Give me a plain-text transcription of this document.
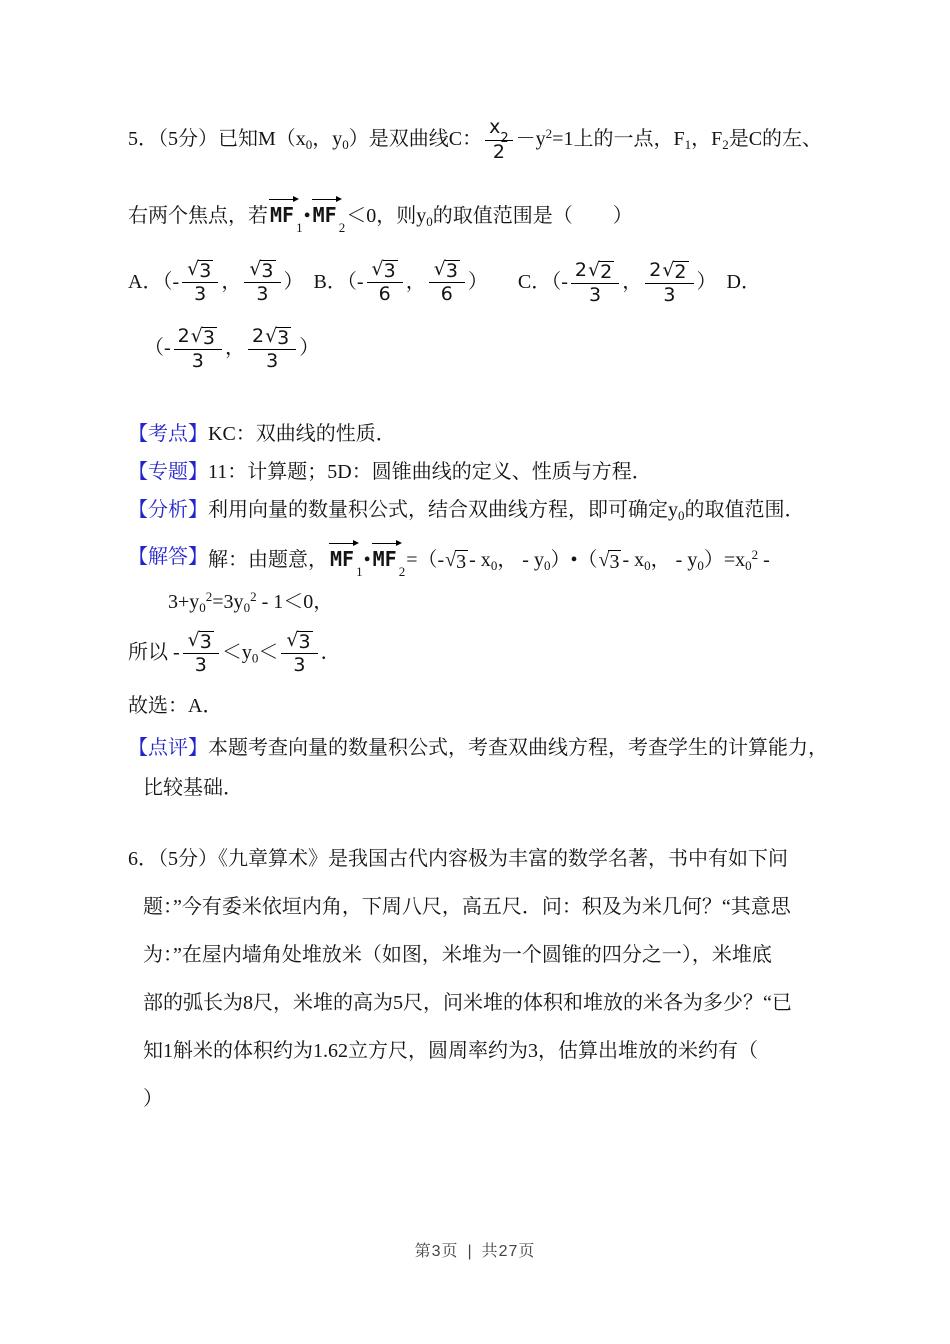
5．（5分）已知$M(x_0$，$y_0$）是双曲线C： x
2
$2 -y^2=1$上的一点，$F_1$，$F_2$是C的左、
右两个焦点，若 MF
1
• MF
2
＜0，则$y_0$的取值范围是（　　）
A．（- $\frac{√ 3}{3}$ ， $\frac{√ 3}{3}$ ）　B．（- $\frac{√ 3}{6}$ ， $\frac{√ 3}{6}$ ）　　C．（- $\frac{2 √ 2}{3}$ ， $\frac{2 √ 2}{3}$ ）　D．
（- $\frac{2 √ 3}{3}$ ， $\frac{2 √ 3}{3}$ ）
【考点】 KC：双曲线的性质．
【专题】 11：计算题；5D：圆锥曲线的定义、性质与方程．
【分析】 利用向量的数量积公式，结合双曲线方程，即可确定$y_0$的取值范围．
【解答】 解：由题意， MF
1
• MF
2
=（- √ $3 - x_0$， - $y_0)•$（ √ $3 - x_0$， - $y_0)=x_0^2$ -
$3+y_0^2=3y_0^2 - 1<0$，
所以 - $\frac{√ 3}{3} <y_0< \frac{√ 3}{3}$ ．
故选：A．
【点评】 本题考查向量的数量积公式，考查双曲线方程，考查学生的计算能力，
比较基础．
6．（5分）《九章算术》是我国古代内容极为丰富的数学名著，书中有如下问
题：”今有委米依垣内角，下周八尺，高五尺．问：积及为米几何？“其意思
为：”在屋内墙角处堆放米（如图，米堆为一个圆锥的四分之一），米堆底
部的弧长为8尺，米堆的高为5尺，问米堆的体积和堆放的米各为多少？“已
知1斛米的体积约为1.62立方尺，圆周率约为3，估算出堆放的米约有（
）
第3页 | 共27页
